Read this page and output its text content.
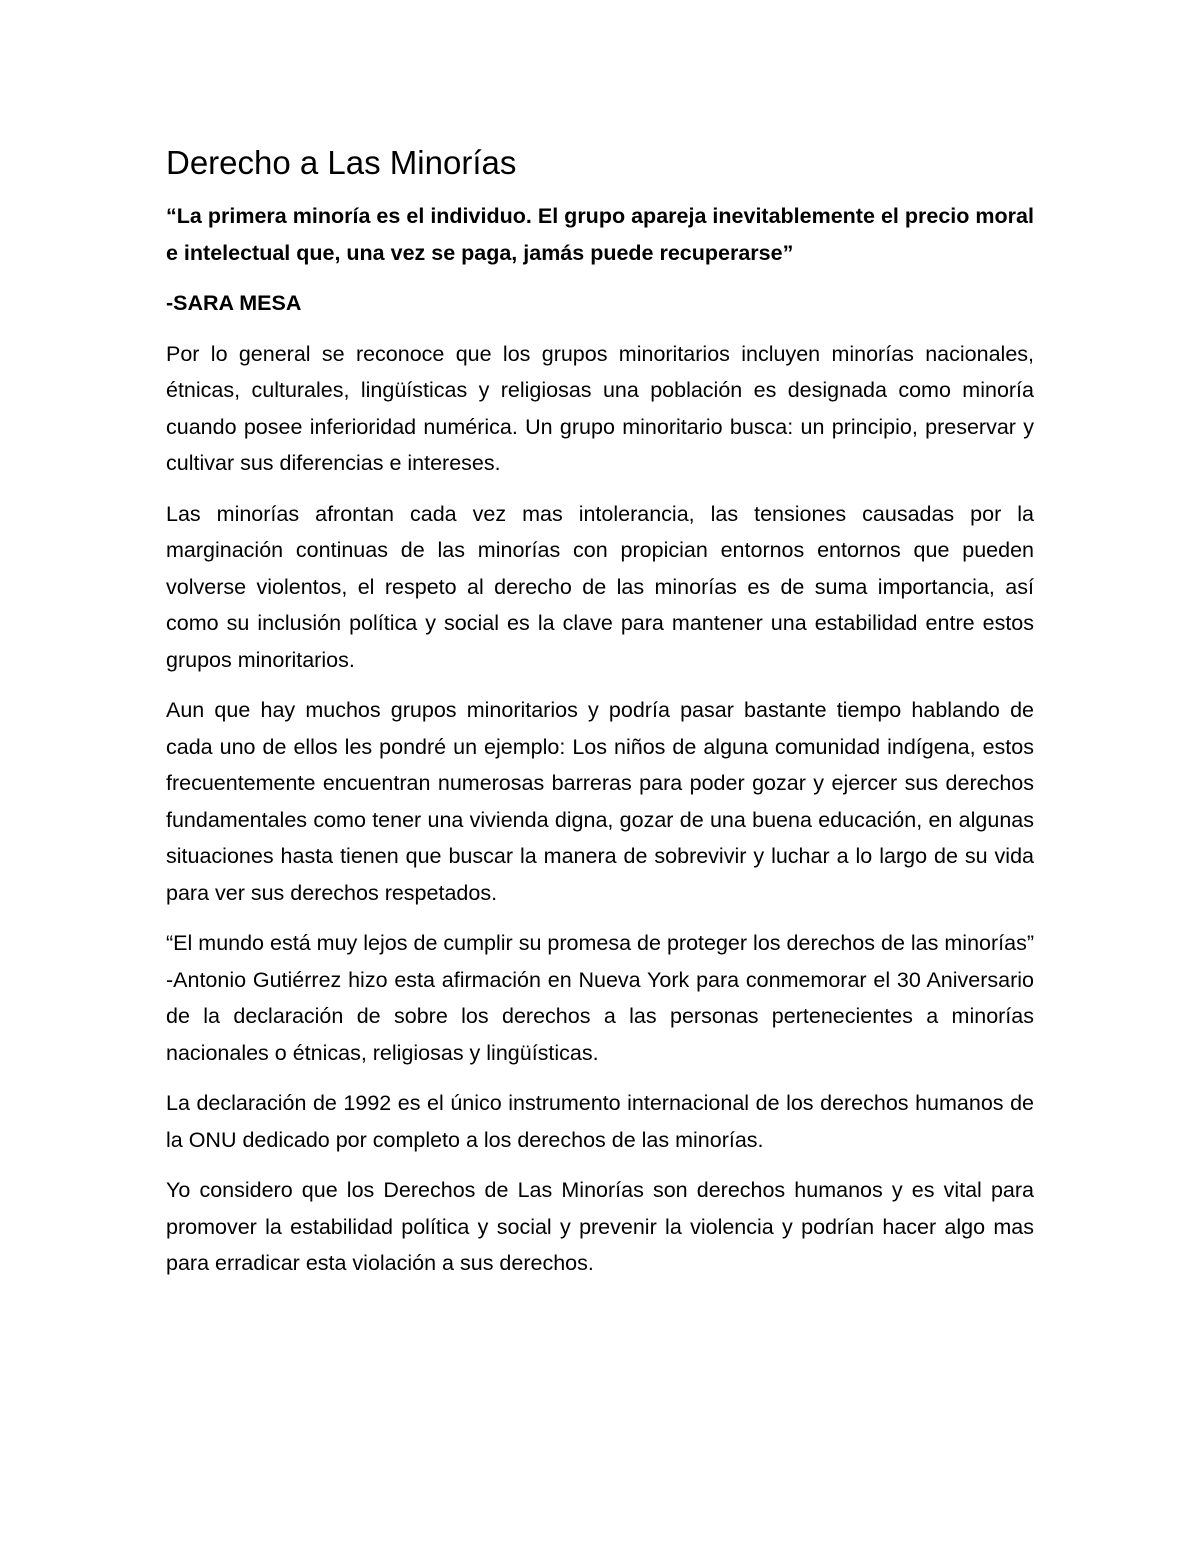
Derecho a Las Minorías

“La primera minoría es el individuo. El grupo apareja inevitablemente el precio moral e intelectual que, una vez se paga, jamás puede recuperarse”

-SARA MESA

Por lo general se reconoce que los grupos minoritarios incluyen minorías nacionales, étnicas, culturales, lingüísticas y religiosas una población es designada como minoría cuando posee inferioridad numérica. Un grupo minoritario busca: un principio, preservar y cultivar sus diferencias e intereses.

Las minorías afrontan cada vez mas intolerancia, las tensiones causadas por la marginación continuas de las minorías con propician entornos entornos que pueden volverse violentos, el respeto al derecho de las minorías es de suma importancia, así como su inclusión política y social es la clave para mantener una estabilidad entre estos grupos minoritarios.

Aun que hay muchos grupos minoritarios y podría pasar bastante tiempo hablando de cada uno de ellos les pondré un ejemplo: Los niños de alguna comunidad indígena, estos frecuentemente encuentran numerosas barreras para poder gozar y ejercer sus derechos fundamentales como tener una vivienda digna, gozar de una buena educación, en algunas situaciones hasta tienen que buscar la manera de sobrevivir y luchar a lo largo de su vida para ver sus derechos respetados.

“El mundo está muy lejos de cumplir su promesa de proteger los derechos de las minorías” -Antonio Gutiérrez hizo esta afirmación en Nueva York para conmemorar el 30 Aniversario de la declaración de sobre los derechos a las personas pertenecientes a minorías nacionales o étnicas, religiosas y lingüísticas.

La declaración de 1992 es el único instrumento internacional de los derechos humanos de la ONU dedicado por completo a los derechos de las minorías.

Yo considero que los Derechos de Las Minorías son derechos humanos y es vital para promover la estabilidad política y social y prevenir la violencia y podrían hacer algo mas para erradicar esta violación a sus derechos.
